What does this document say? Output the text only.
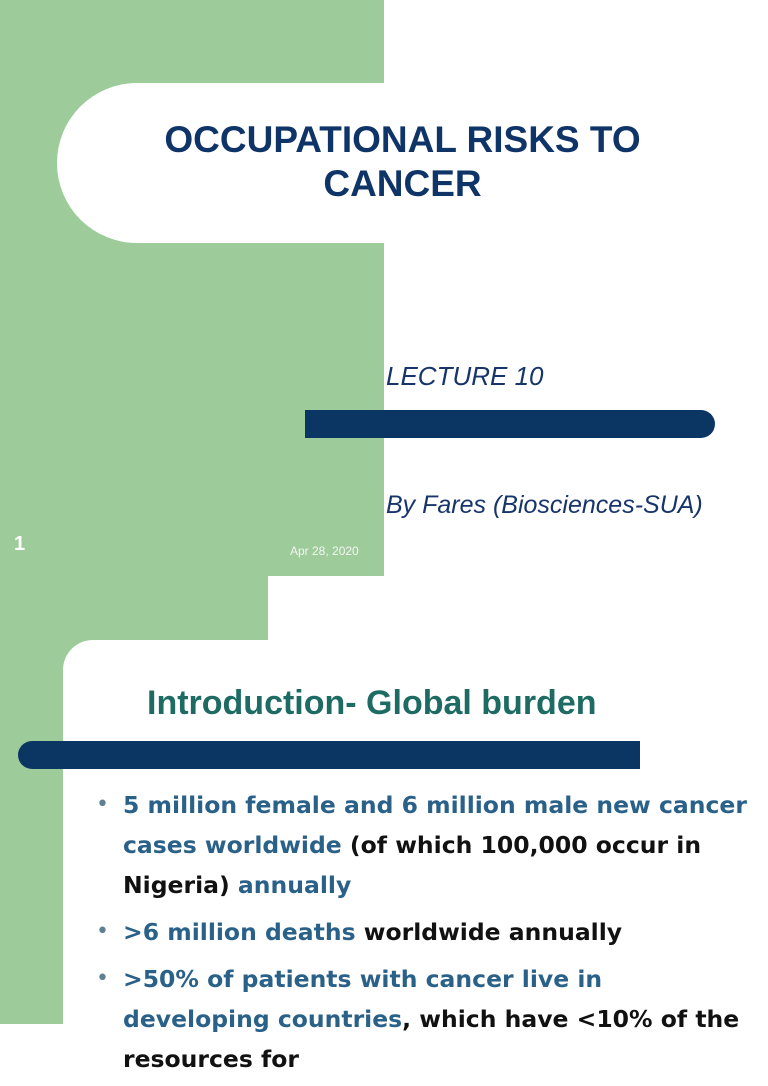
OCCUPATIONAL RISKS TO
CANCER
LECTURE 10
By Fares (Biosciences-SUA)
1	Apr 28, 2020
Introduction- Global burden
• 5 million female and 6 million male new cancer cases worldwide (of which 100,000 occur in Nigeria) annually
• >6 million deaths worldwide annually
• >50% of patients with cancer live in developing countries, which have <10% of the resources for
